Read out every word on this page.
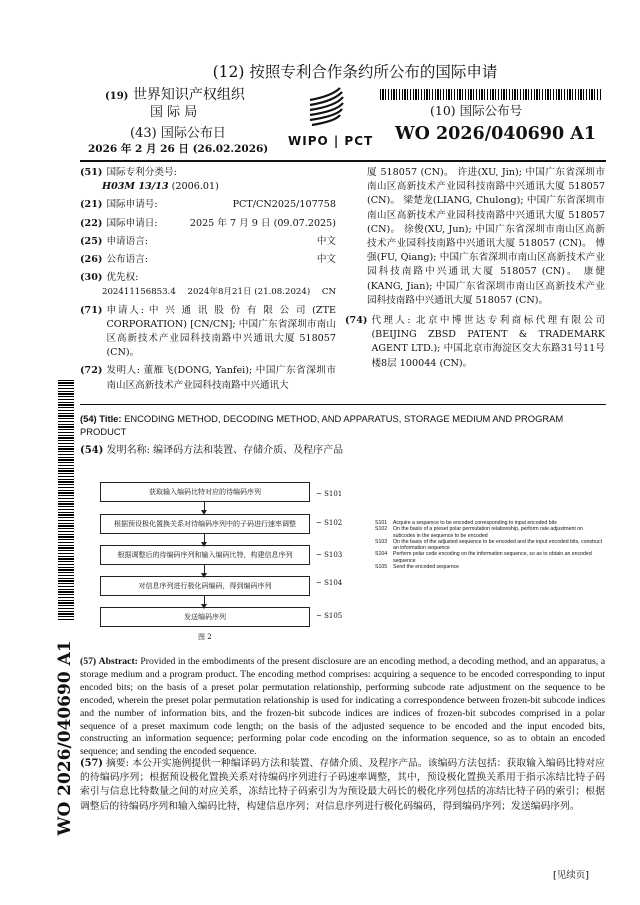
(12) 按照专利合作条约所公布的国际申请
(19) 世界知识产权组织
国 际 局
(43) 国际公布日
2026 年 2 月 26 日 (26.02.2026)
WIPO | PCT
(10) 国际公布号
WO 2026/040690 A1
(51) 国际专利分类号:
H03M 13/13 (2006.01)
(21) 国际申请号:	PCT/CN2025/107758
(22) 国际申请日:	2025 年 7 月 9 日 (09.07.2025)
(25) 申请语言:	中文
(26) 公布语言:	中文
(30) 优先权:
202411156853.4 2024年8月21日 (21.08.2024) CN
(71) 申请人: 中 兴 通 讯 股 份 有 限 公 司 (ZTE CORPORATION) [CN/CN]; 中国广东省深圳市南山区高新技术产业园科技南路中兴通讯大厦 518057 (CN)。
(72) 发明人: 董雁飞(DONG, Yanfei); 中国广东省深圳市南山区高新技术产业园科技南路中兴通讯大
厦 518057 (CN)。 许进(XU, Jin); 中国广东省深圳市南山区高新技术产业园科技南路中兴通讯大厦 518057 (CN)。 梁楚龙(LIANG, Chulong); 中国广东省深圳市南山区高新技术产业园科技南路中兴通讯大厦 518057 (CN)。 徐俊(XU, Jun); 中国广东省深圳市南山区高新技术产业园科技南路中兴通讯大厦 518057 (CN)。 傅强(FU, Qiang); 中国广东省深圳市南山区高新技术产业园科技南路中兴通讯大厦 518057 (CN)。 康健(KANG, Jian); 中国广东省深圳市南山区高新技术产业园科技南路中兴通讯大厦 518057 (CN)。
(74) 代理人: 北京中博世达专利商标代理有限公司(BEIJING ZBSD PATENT & TRADEMARK AGENT LTD.); 中国北京市海淀区交大东路31号11号楼8层 100044 (CN)。
(54) Title: ENCODING METHOD, DECODING METHOD, AND APPARATUS, STORAGE MEDIUM AND PROGRAM PRODUCT
(54) 发明名称: 编译码方法和装置、存储介质、及程序产品
获取输入编码比特对应的待编码序列
根据预设极化置换关系对待编码序列中的子码进行速率调整
根据调整后的待编码序列和输入编码比特，构建信息序列
对信息序列进行极化码编码，得到编码序列
发送编码序列
~ S101
~ S102
~ S103
~ S104
~ S105
图 2
S101	Acquire a sequence to be encoded corresponding to input encoded bits
S102	On the basis of a preset polar permutation relationship, perform rate adjustment on subcodes in the sequence to be encoded
S103	On the basis of the adjusted sequence to be encoded and the input encoded bits, construct an information sequence
S104	Perform polar code encoding on the information sequence, so as to obtain an encoded sequence
S105	Send the encoded sequence
(57) Abstract: Provided in the embodiments of the present disclosure are an encoding method, a decoding method, and an apparatus, a storage medium and a program product. The encoding method comprises: acquiring a sequence to be encoded corresponding to input encoded bits; on the basis of a preset polar permutation relationship, performing subcode rate adjustment on the sequence to be encoded, wherein the preset polar permutation relationship is used for indicating a correspondence between frozen-bit subcode indices and the number of information bits, and the frozen-bit subcode indices are indices of frozen-bit subcodes comprised in a polar sequence of a preset maximum code length; on the basis of the adjusted sequence to be encoded and the input encoded bits, constructing an information sequence; performing polar code encoding on the information sequence, so as to obtain an encoded sequence; and sending the encoded sequence.
(57) 摘要: 本公开实施例提供一种编译码方法和装置、存储介质、及程序产品。该编码方法包括：获取输入编码比特对应的待编码序列；根据预设极化置换关系对待编码序列进行子码速率调整，其中，预设极化置换关系用于指示冻结比特子码索引与信息比特数量之间的对应关系，冻结比特子码索引为为预设最大码长的极化序列包括的冻结比特子码的索引；根据调整后的待编码序列和输入编码比特，构建信息序列；对信息序列进行极化码编码，得到编码序列；发送编码序列。
WO 2026/040690 A1
[见续页]
